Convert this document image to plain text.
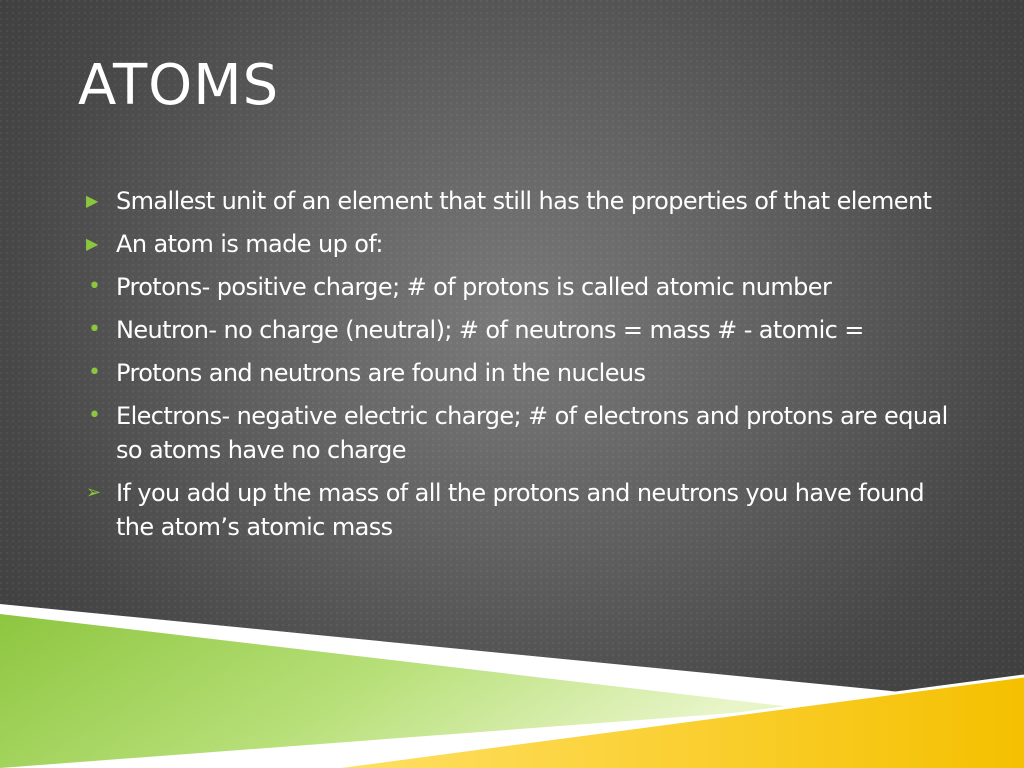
ATOMS
▶ Smallest unit of an element that still has the properties of that element
▶ An atom is made up of:
• Protons- positive charge; # of protons is called atomic number
• Neutron- no charge (neutral); # of neutrons = mass # - atomic =
• Protons and neutrons are found in the nucleus
• Electrons- negative electric charge; # of electrons and protons are equal so atoms have no charge
➢ If you add up the mass of all the protons and neutrons you have found the atom’s atomic mass
